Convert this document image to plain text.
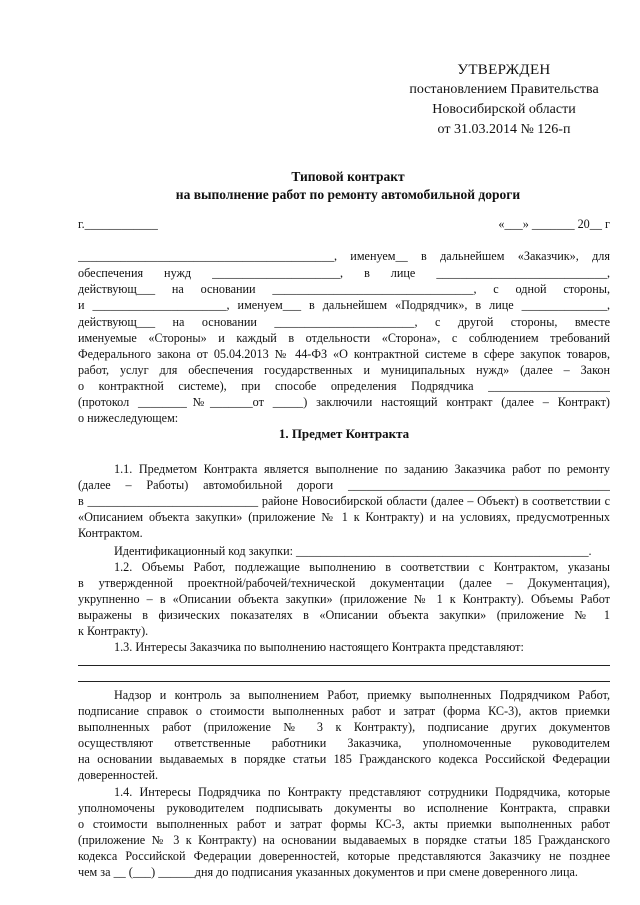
УТВЕРЖДЕН
постановлением Правительства
Новосибирской области
от 31.03.2014 № 126-п
Типовой контракт
на выполнение работ по ремонту автомобильной дороги
г.____________	«___» _______ 20__ г
__________________________________________, именуем__ в дальнейшем «Заказчик», для
обеспечения нужд _____________________, в лице ____________________________,
действующ___ на основании _________________________________, с одной стороны,
и ______________________, именуем___ в дальнейшем «Подрядчик», в лице ______________,
действующ___ на основании _______________________, с другой стороны, вместе
именуемые «Стороны» и каждый в отдельности «Сторона», с соблюдением требований
Федерального закона от 05.04.2013 № 44-ФЗ «О контрактной системе в сфере закупок товаров,
работ, услуг для обеспечения государственных и муниципальных нужд» (далее – Закон
о контрактной системе), при способе определения Подрядчика ____________________
(протокол ________№_______от _____) заключили настоящий контракт (далее – Контракт)
о нижеследующем:
1. Предмет Контракта
1.1. Предметом Контракта является выполнение по заданию Заказчика работ по ремонту
(далее – Работы) автомобильной дороги ___________________________________________
в ____________________________ районе Новосибирской области (далее – Объект) в соответствии с
«Описанием объекта закупки» (приложение № 1 к Контракту) и на условиях, предусмотренных
Контрактом.
Идентификационный код закупки: ________________________________________________.
1.2. Объемы Работ, подлежащие выполнению в соответствии с Контрактом, указаны
в утвержденной проектной/рабочей/технической документации (далее – Документация),
укрупненно – в «Описании объекта закупки» (приложение № 1 к Контракту). Объемы Работ
выражены в физических показателях в «Описании объекта закупки» (приложение № 1
к Контракту).
1.3. Интересы Заказчика по выполнению настоящего Контракта представляют:
Надзор и контроль за выполнением Работ, приемку выполненных Подрядчиком Работ,
подписание справок о стоимости выполненных работ и затрат (форма КС-3), актов приемки
выполненных работ (приложение № 3 к Контракту), подписание других документов
осуществляют ответственные работники Заказчика, уполномоченные руководителем
на основании выдаваемых в порядке статьи 185 Гражданского кодекса Российской Федерации
доверенностей.
1.4. Интересы Подрядчика по Контракту представляют сотрудники Подрядчика, которые
уполномочены руководителем подписывать документы во исполнение Контракта, справки
о стоимости выполненных работ и затрат формы КС-3, акты приемки выполненных работ
(приложение № 3 к Контракту) на основании выдаваемых в порядке статьи 185 Гражданского
кодекса Российской Федерации доверенностей, которые представляются Заказчику не позднее
чем за __ (___) ______дня до подписания указанных документов и при смене доверенного лица.
